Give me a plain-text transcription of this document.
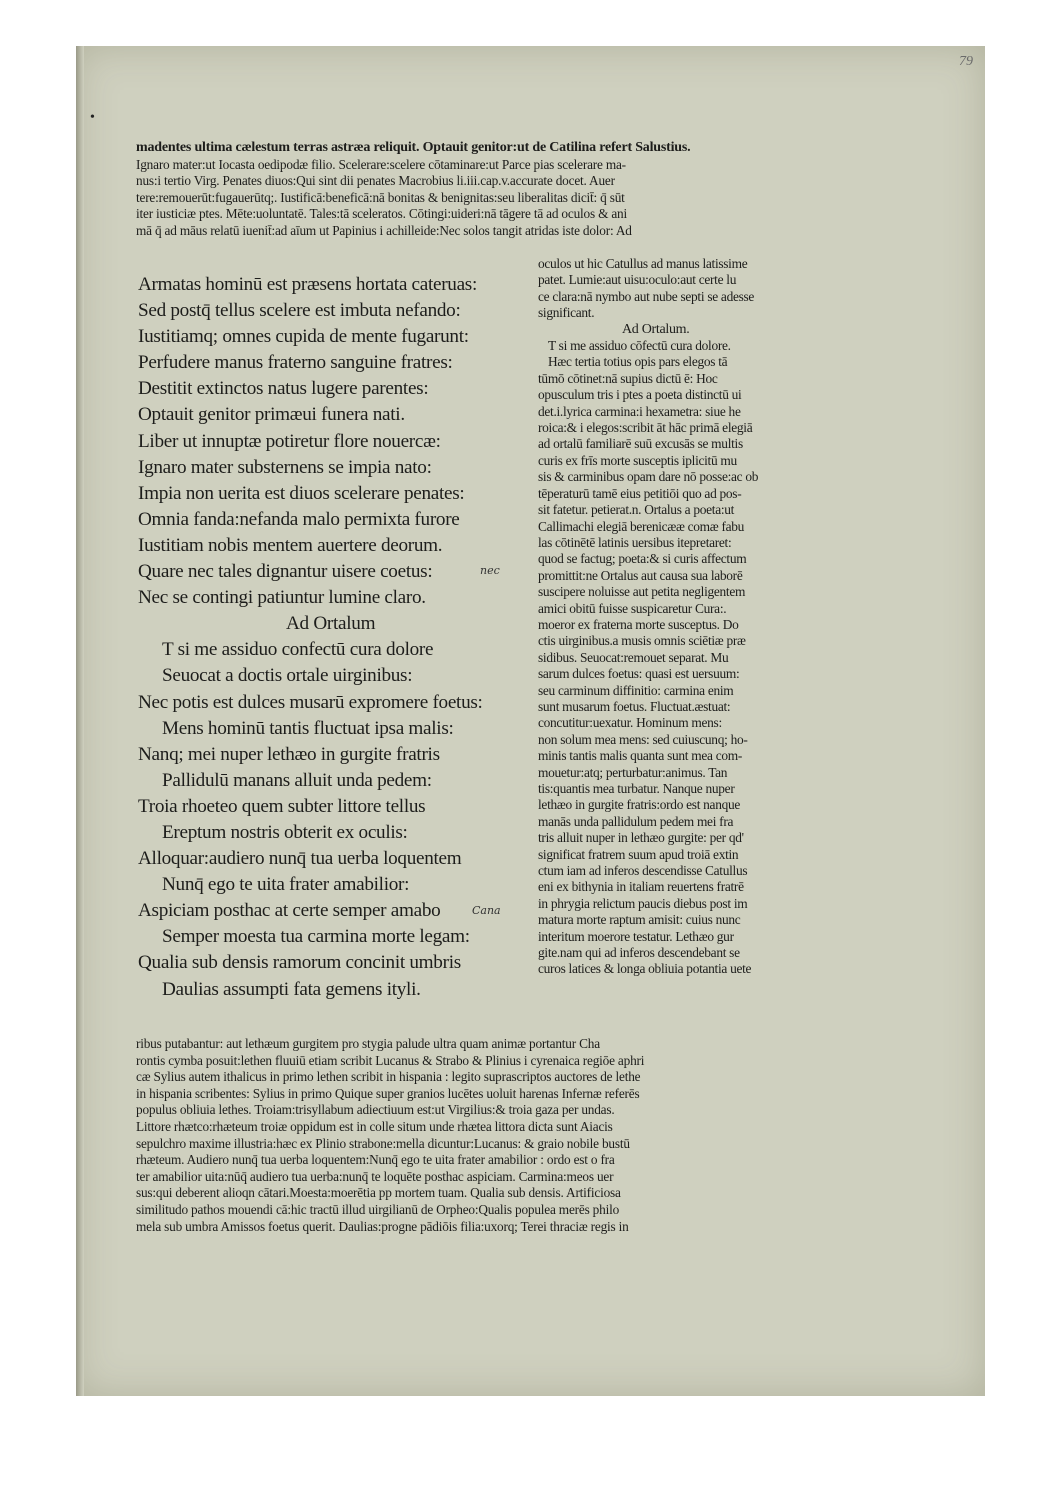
79
•
madentes ultima cælestum terras astræa reliquit. Optauit genitor:ut de Catilina refert Salustius.
Ignaro mater:ut Iocasta oedipodæ filio. Scelerare:scelere cōtaminare:ut Parce pias scelerare ma-
nus:i tertio Virg. Penates diuos:Qui sint dii penates Macrobius li.iii.cap.v.accurate docet. Auer
tere:remouerūt:fugauerūtq;. Iustificā:beneficā:nā bonitas & benignitas:seu liberalitas dicit̄: q̄ sūt
iter iusticiæ ptes. Mēte:uoluntatē. Tales:tā sceleratos. Cōtingi:uideri:nā tāgere tā ad oculos & ani
mā q̄ ad māus relatū iuenit̄:ad aīum ut Papinius i achilleide:Nec solos tangit atridas iste dolor: Ad
Armatas hominū est præsens hortata cateruas:
Sed postq̄ tellus scelere est imbuta nefando:
Iustitiamq; omnes cupida de mente fugarunt:
Perfudere manus fraterno sanguine fratres:
Destitit extinctos natus lugere parentes:
Optauit genitor primæui funera nati.
Liber ut innuptæ potiretur flore nouercæ:
Ignaro mater substernens se impia nato:
Impia non uerita est diuos scelerare penates:
Omnia fanda:nefanda malo permixta furore
Iustitiam nobis mentem auertere deorum.
Quare nec tales dignantur uisere coetus:
Nec se contingi patiuntur lumine claro.
Ad Ortalum
T si me assiduo confectū cura dolore
Seuocat a doctis ortale uirginibus:
Nec potis est dulces musarū expromere foetus:
Mens hominū tantis fluctuat ipsa malis:
Nanq; mei nuper lethæo in gurgite fratris
Pallidulū manans alluit unda pedem:
Troia rhoeteo quem subter littore tellus
Ereptum nostris obterit ex oculis:
Alloquar:audiero nunq̄ tua uerba loquentem
Nunq̄ ego te uita frater amabilior:
Aspiciam posthac at certe semper amabo
Semper moesta tua carmina morte legam:
Qualia sub densis ramorum concinit umbris
Daulias assumpti fata gemens ityli.
oculos ut hic Catullus ad manus latissime
patet. Lumie:aut uisu:oculo:aut certe lu
ce clara:nā nymbo aut nube septi se adesse
significant.
Ad Ortalum.
T si me assiduo cōfectū cura dolore.
Hæc tertia totius opis pars elegos tā
tūmō cōtinet:nā supius dictū ē: Hoc
opusculum tris i ptes a poeta distinctū ui
det.i.lyrica carmina:i hexametra: siue he
roica:& i elegos:scribit āt hāc primā elegiā
ad ortalū familiarē suū excusās se multis
curis ex frīs morte susceptis iplicitū mu
sis & carminibus opam dare nō posse:ac ob
tēperaturū tamē eius petitiōi quo ad pos-
sit fatetur. petierat.n. Ortalus a poeta:ut
Callimachi elegiā berenicææ comæ fabu
las cōtinētē latinis uersibus itepretaret:
quod se factug; poeta:& si curis affectum
promittit:ne Ortalus aut causa sua laborē
suscipere noluisse aut petita negligentem
amici obitū fuisse suspicaretur Cura:.
moeror ex fraterna morte susceptus. Do
ctis uirginibus.a musis omnis sciētiæ præ
sidibus. Seuocat:remouet separat. Mu
sarum dulces foetus: quasi est uersuum:
seu carminum diffinitio: carmina enim
sunt musarum foetus. Fluctuat.æstuat:
concutitur:uexatur. Hominum mens:
non solum mea mens: sed cuiuscunq; ho-
minis tantis malis quanta sunt mea com-
mouetur:atq; perturbatur:animus. Tan
tis:quantis mea turbatur. Nanque nuper
lethæo in gurgite fratris:ordo est nanque
manās unda pallidulum pedem mei fra
tris alluit nuper in lethæo gurgite: per qd'
significat fratrem suum apud troiā extin
ctum iam ad inferos descendisse Catullus
eni ex bithynia in italiam reuertens fratrē
in phrygia relictum paucis diebus post im
matura morte raptum amisit: cuius nunc
interitum moerore testatur. Lethæo gur
gite.nam qui ad inferos descendebant se
curos latices & longa obliuia potantia uete
ribus putabantur: aut lethæum gurgitem pro stygia palude ultra quam animæ portantur Cha
rontis cymba posuit:lethen fluuiū etiam scribit Lucanus & Strabo & Plinius i cyrenaica regiōe aphri
cæ Sylius autem ithalicus in primo lethen scribit in hispania : legito suprascriptos auctores de lethe
in hispania scribentes: Sylius in primo Quique super granios lucētes uoluit harenas Infernæ referēs
populus obliuia lethes. Troiam:trisyllabum adiectiuum est:ut Virgilius:& troia gaza per undas.
Littore rhætco:rhæteum troiæ oppidum est in colle situm unde rhætea littora dicta sunt Aiacis
sepulchro maxime illustria:hæc ex Plinio strabone:mella dicuntur:Lucanus: & graio nobile bustū
rhæteum. Audiero nunq̄ tua uerba loquentem:Nunq̄ ego te uita frater amabilior : ordo est o fra
ter amabilior uita:nūq̄ audiero tua uerba:nunq̄ te loquēte posthac aspiciam. Carmina:meos uer
sus:qui deberent alioqn cātari.Moesta:moerētia pp mortem tuam. Qualia sub densis. Artificiosa
similitudo pathos mouendi cā:hic tractū illud uirgilianū de Orpheo:Qualis populea merēs philo
mela sub umbra Amissos foetus querit. Daulias:progne pādiōis filia:uxorq; Terei thraciæ regis in
nec
Cana
